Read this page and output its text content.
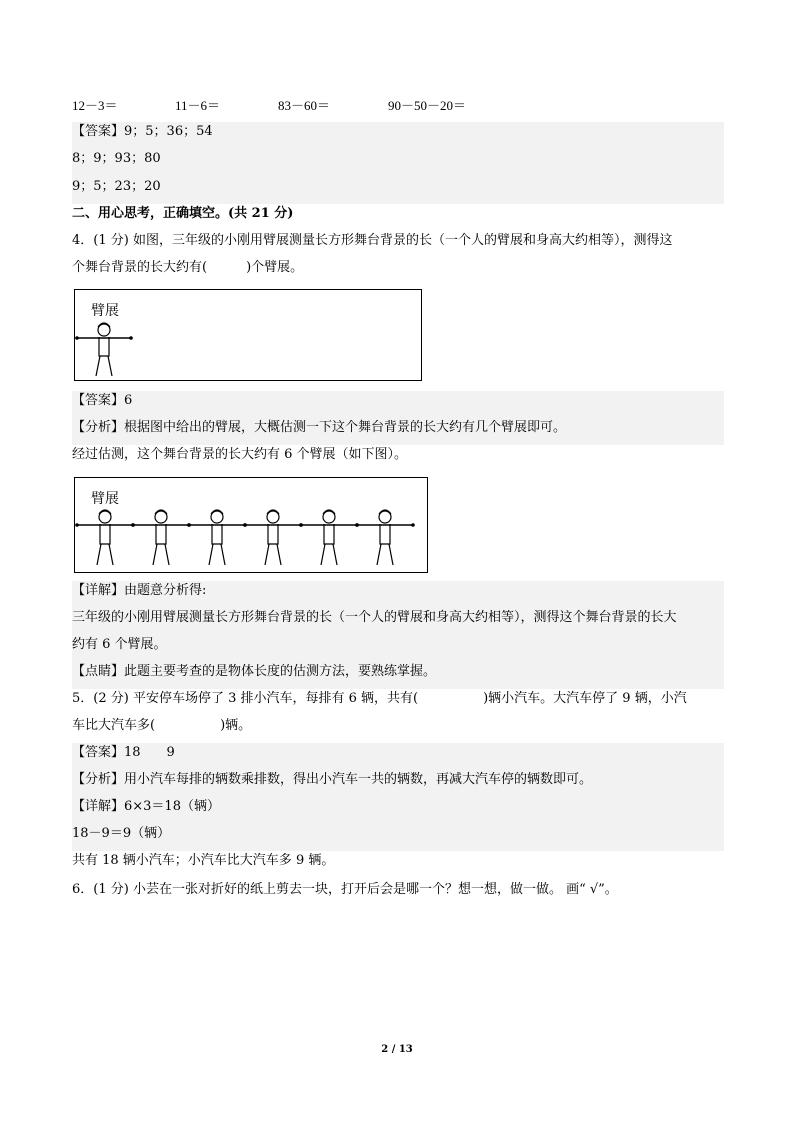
12－3＝	11－6＝	83－60＝	90－50－20＝
【答案】9；5；36；54
8；9；93；80
9；5；23；20
二、用心思考，正确填空。(共 21 分)
4．(1 分) 如图，三年级的小刚用臂展测量长方形舞台背景的长（一个人的臂展和身高大约相等），测得这
个舞台背景的长大约有(　　　)个臂展。
臂展
【答案】6
【分析】根据图中给出的臂展，大概估测一下这个舞台背景的长大约有几个臂展即可。
经过估测，这个舞台背景的长大约有 6 个臂展（如下图）。
臂展
【详解】由题意分析得:
三年级的小刚用臂展测量长方形舞台背景的长（一个人的臂展和身高大约相等），测得这个舞台背景的长大
约有 6 个臂展。
【点睛】此题主要考查的是物体长度的估测方法，要熟练掌握。
5．(2 分) 平安停车场停了 3 排小汽车，每排有 6 辆，共有(　　　　　)辆小汽车。大汽车停了 9 辆，小汽
车比大汽车多(　　　　　)辆。
【答案】18　　9
【分析】用小汽车每排的辆数乘排数，得出小汽车一共的辆数，再减大汽车停的辆数即可。
【详解】6×3＝18（辆）
18－9＝9（辆）
共有 18 辆小汽车；小汽车比大汽车多 9 辆。
6．(1 分) 小芸在一张对折好的纸上剪去一块，打开后会是哪一个？想一想，做一做。 画“ √”。
2 / 13
